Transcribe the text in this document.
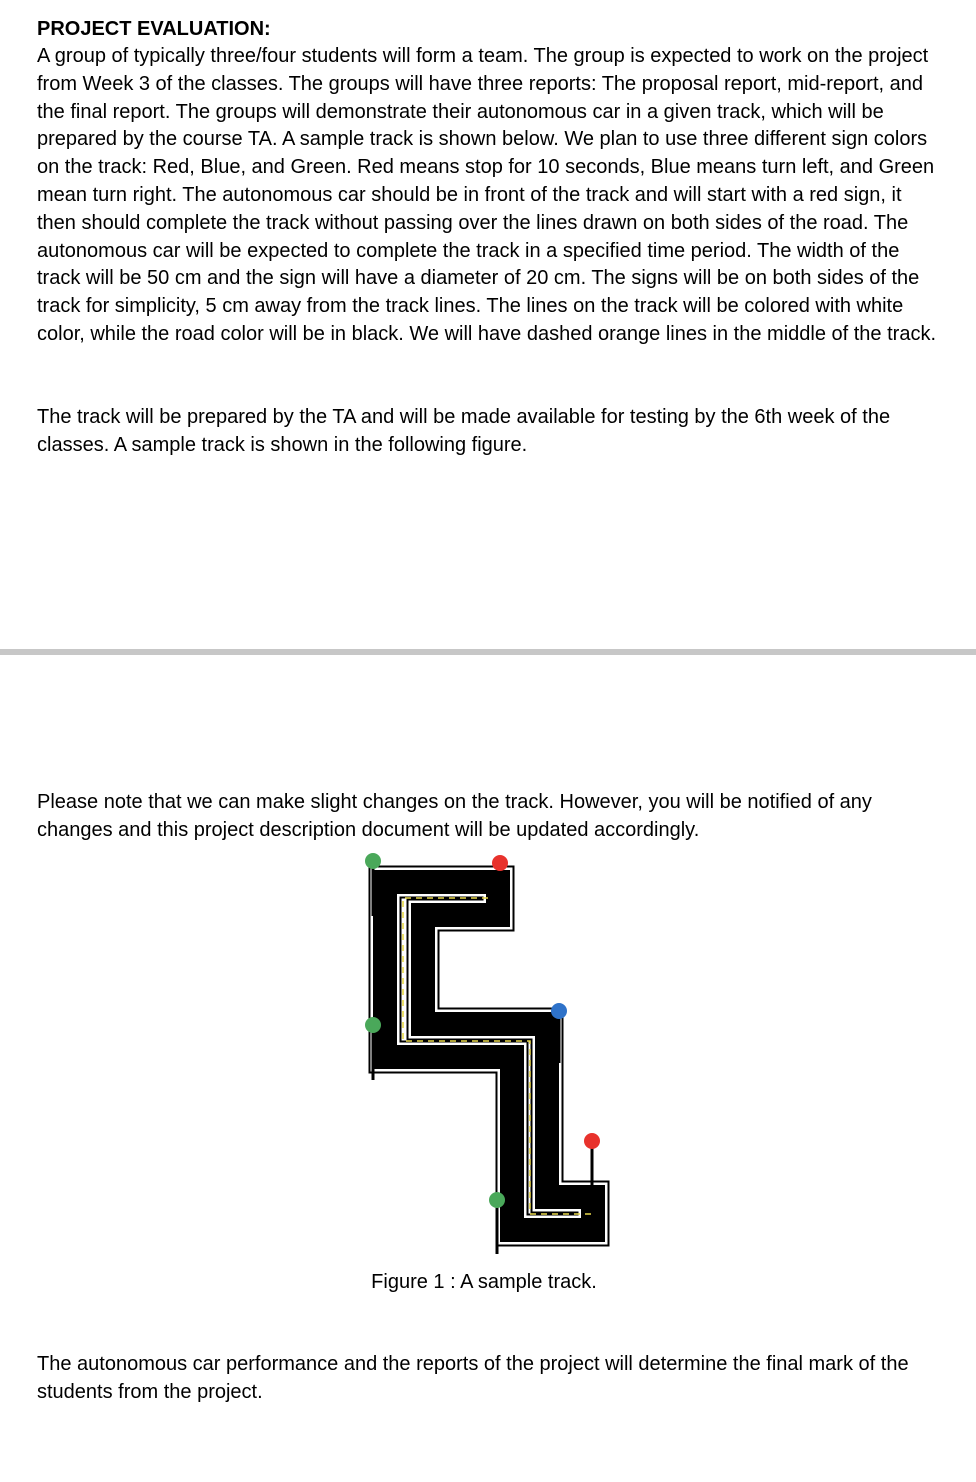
PROJECT EVALUATION:

A group of typically three/four students will form a team. The group is expected to work on the project from Week 3 of the classes. The groups will have three reports: The proposal report, mid-report, and the final report. The groups will demonstrate their autonomous car in a given track, which will be prepared by the course TA. A sample track is shown below. We plan to use three different sign colors on the track: Red, Blue, and Green. Red means stop for 10 seconds, Blue means turn left, and Green mean turn right. The autonomous car should be in front of the track and will start with a red sign, it then should complete the track without passing over the lines drawn on both sides of the road. The autonomous car will be expected to complete the track in a specified time period. The width of the track will be 50 cm and the sign will have a diameter of 20 cm. The signs will be on both sides of the track for simplicity, 5 cm away from the track lines. The lines on the track will be colored with white color, while the road color will be in black. We will have dashed orange lines in the middle of the track.

The track will be prepared by the TA and will be made available for testing by the 6th week of the classes. A sample track is shown in the following figure.

Please note that we can make slight changes on the track. However, you will be notified of any changes and this project description document will be updated accordingly.

Figure 1 : A sample track.

The autonomous car performance and the reports of the project will determine the final mark of the students from the project.
